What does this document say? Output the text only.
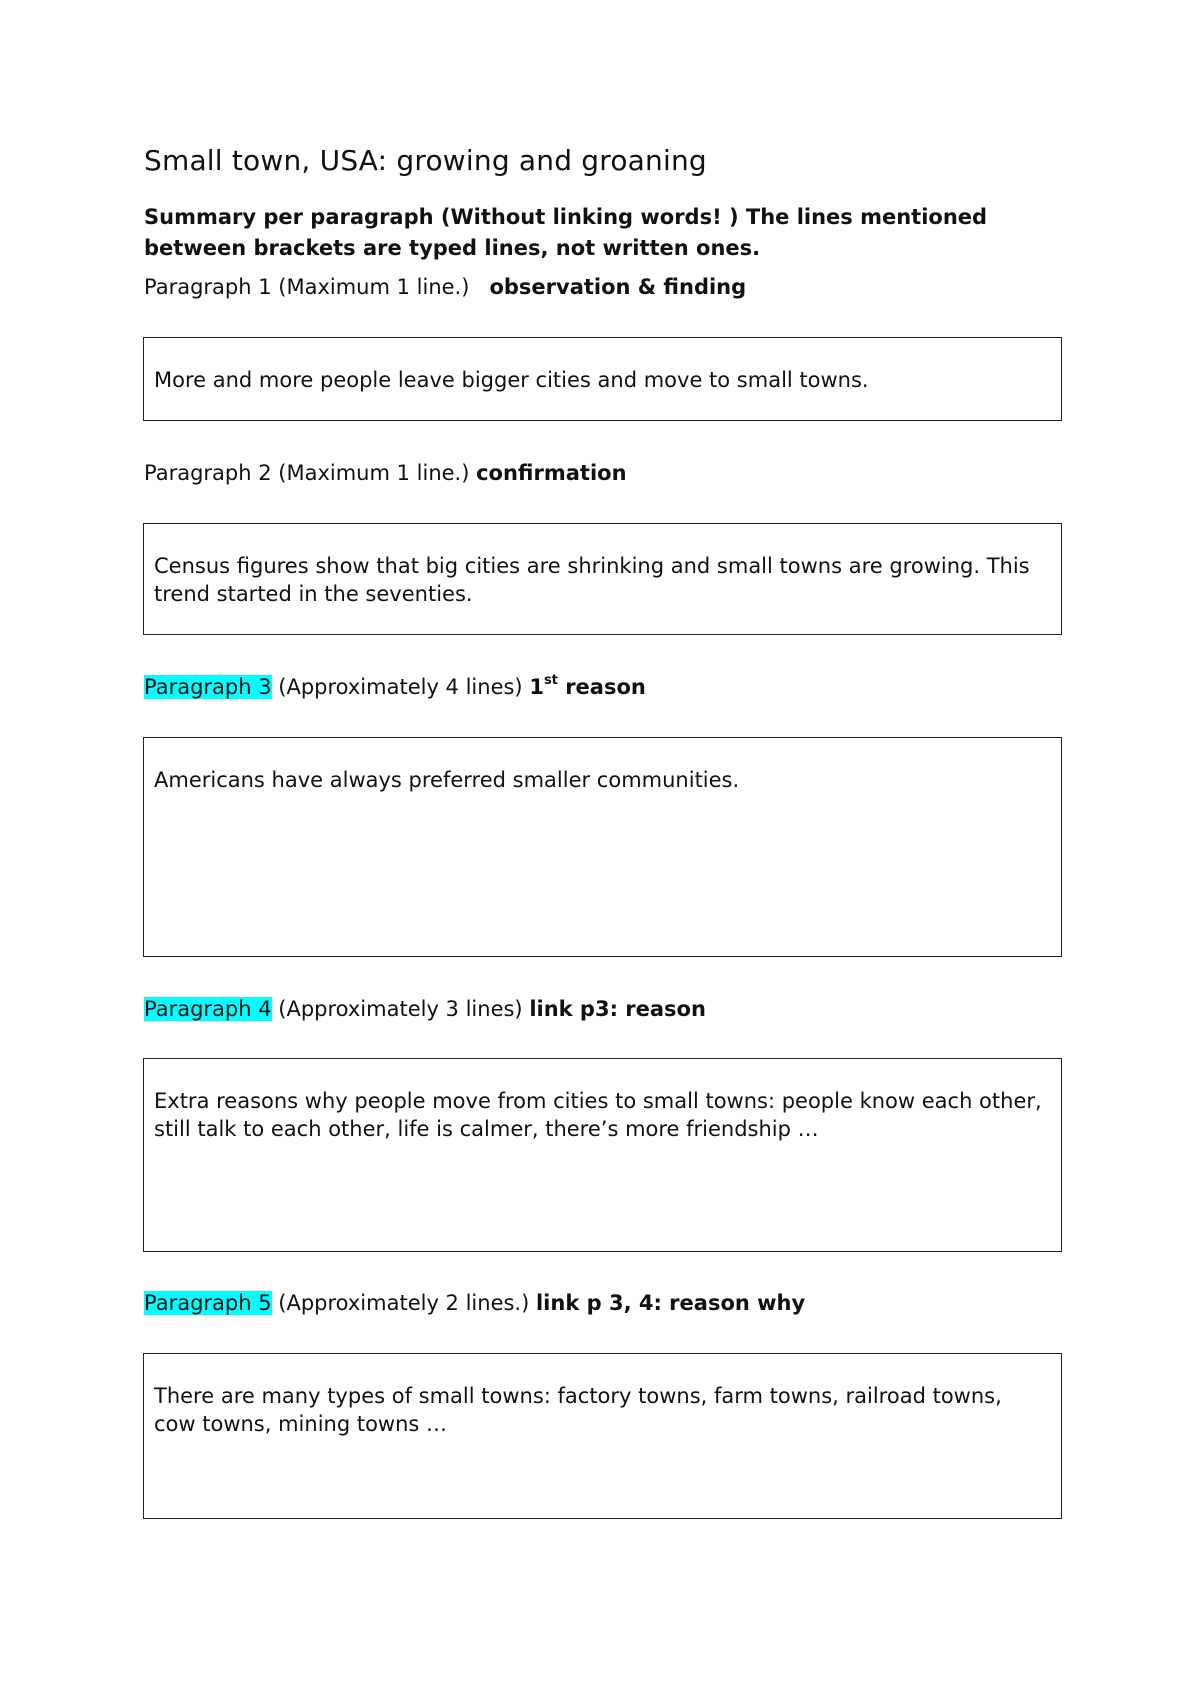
Small town, USA: growing and groaning
Summary per paragraph (Without linking words! ) The lines mentioned between brackets are typed lines, not written ones.
Paragraph 1 (Maximum 1 line.)   observation & finding
More and more people leave bigger cities and move to small towns.
Paragraph 2 (Maximum 1 line.) confirmation
Census figures show that big cities are shrinking and small towns are growing. This trend started in the seventies.
Paragraph 3 (Approximately 4 lines) 1st reason
Americans have always preferred smaller communities.
Paragraph 4 (Approximately 3 lines) link p3: reason
Extra reasons why people move from cities to small towns: people know each other, still talk to each other, life is calmer, there’s more friendship …
Paragraph 5 (Approximately 2 lines.) link p 3, 4: reason why
There are many types of small towns: factory towns, farm towns, railroad towns, cow towns, mining towns …
